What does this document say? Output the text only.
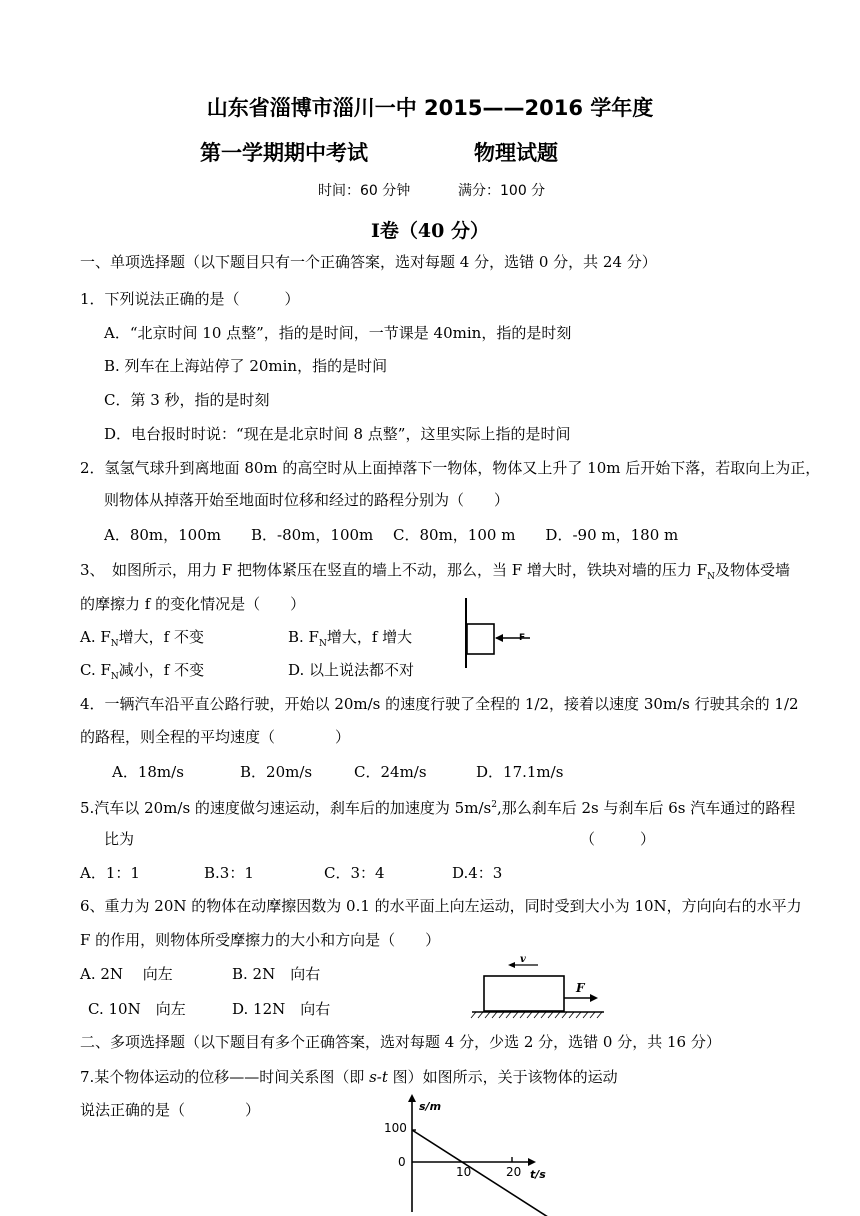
山东省淄博市淄川一中 2015——2016 学年度
第一学期期中考试	物理试题
时间：60 分钟	满分：100 分
Ⅰ卷（40 分）
一、单项选择题（以下题目只有一个正确答案，选对每题 4 分，选错 0 分，共 24 分）
1．下列说法正确的是（　　　）
A．“北京时间 10 点整”，指的是时间，一节课是 40min，指的是时刻
B. 列车在上海站停了 20min，指的是时间
C．第 3 秒，指的是时刻
D．电台报时时说：“现在是北京时间 8 点整”，这里实际上指的是时间
2．氢氢气球升到离地面 80m 的高空时从上面掉落下一物体，物体又上升了 10m 后开始下落，若取向上为正，
则物体从掉落开始至地面时位移和经过的路程分别为（　　）
A．80m，100m　　B．-80m，100m　 C．80m，100 m　　D．-90 m，180 m
3、　如图所示，用力 F 把物体紧压在竖直的墙上不动，那么，当 F 增大时，铁块对墙的压力 $F_N$及物体受墙
的摩擦力 f 的变化情况是（　　）
A. $F_N$增大，f 不变	B. $F_N$增大，f 增大
C. $F_N$减小，f 不变	D. 以上说法都不对
F
4．一辆汽车沿平直公路行驶，开始以 20m/s 的速度行驶了全程的 1/2，接着以速度 30m/s 行驶其余的 1/2
的路程，则全程的平均速度（　　　　）
A．18m/s	B．20m/s	C．24m/s	D．17.1m/s
5.汽车以 20m/s 的速度做匀速运动，刹车后的加速度为 $5m/s^2$,那么刹车后 2s 与刹车后 6s 汽车通过的路程
比为	（　　　）
A．1：1	B.3：1	C．3：4	D.4：3
6、重力为 20N 的物体在动摩擦因数为 0.1 的水平面上向左运动，同时受到大小为 10N，方向向右的水平力
F 的作用，则物体所受摩擦力的大小和方向是（　　）
A. 2N　 向左	B. 2N　向右
C. 10N　向左	D. 12N　向右
v
F
二、多项选择题（以下题目有多个正确答案，选对每题 4 分，少选 2 分，选错 0 分，共 16 分）
7.某个物体运动的位移——时间关系图（即 s-t 图）如图所示，关于该物体的运动
说法正确的是（　　　　）	s/m
t/s
100
0
10	20
